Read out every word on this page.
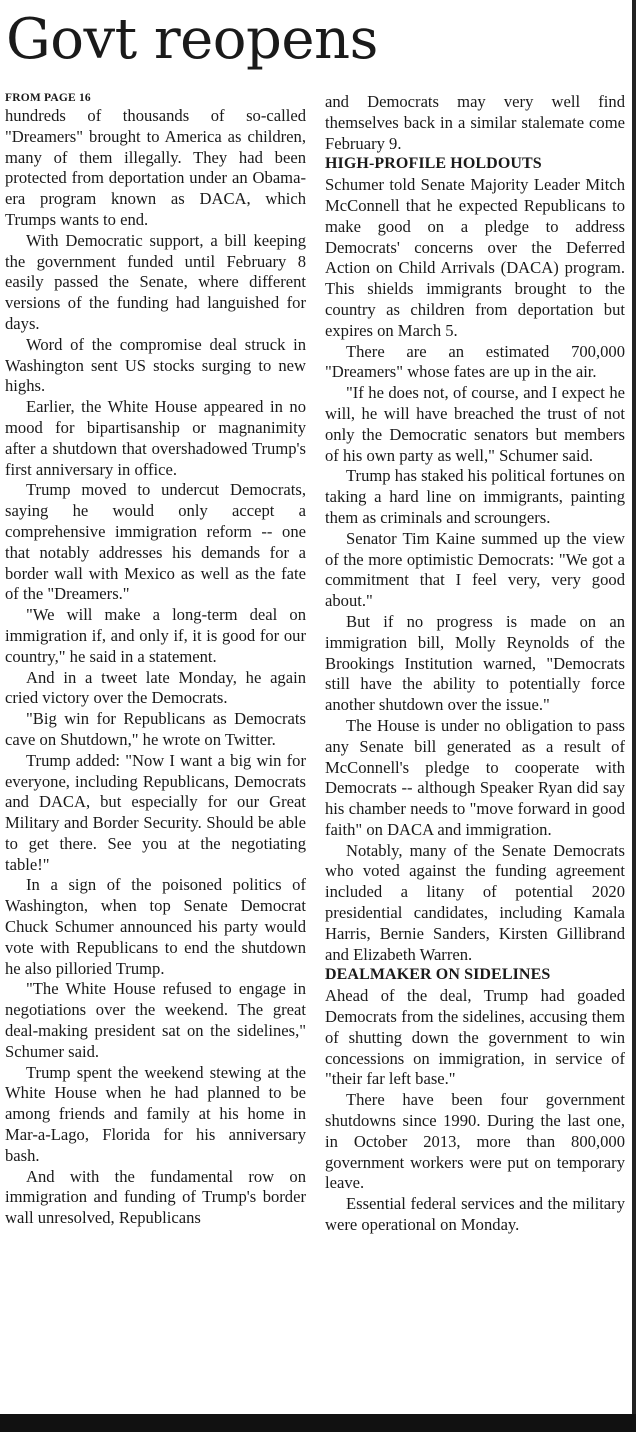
Govt reopens
FROM PAGE 16

hundreds of thousands of so-called "Dreamers" brought to America as children, many of them illegally. They had been protected from deportation under an Obama-era program known as DACA, which Trumps wants to end.

With Democratic support, a bill keeping the government funded until February 8 easily passed the Senate, where different versions of the funding had languished for days.

Word of the compromise deal struck in Washington sent US stocks surging to new highs.

Earlier, the White House appeared in no mood for bipartisanship or magnanimity after a shutdown that overshadowed Trump's first anniversary in office.

Trump moved to undercut Democrats, saying he would only accept a comprehensive immigration reform -- one that notably addresses his demands for a border wall with Mexico as well as the fate of the "Dreamers."

"We will make a long-term deal on immigration if, and only if, it is good for our country," he said in a statement.

And in a tweet late Monday, he again cried victory over the Democrats.

"Big win for Republicans as Democrats cave on Shutdown," he wrote on Twitter.

Trump added: "Now I want a big win for everyone, including Republicans, Democrats and DACA, but especially for our Great Military and Border Security. Should be able to get there. See you at the negotiating table!"

In a sign of the poisoned politics of Washington, when top Senate Democrat Chuck Schumer announced his party would vote with Republicans to end the shutdown he also pilloried Trump.

"The White House refused to engage in negotiations over the weekend. The great deal-making president sat on the sidelines," Schumer said.

Trump spent the weekend stewing at the White House when he had planned to be among friends and family at his home in Mar-a-Lago, Florida for his anniversary bash.

And with the fundamental row on immigration and funding of Trump's border wall unresolved, Republicans

and Democrats may very well find themselves back in a similar stalemate come February 9.

HIGH-PROFILE HOLDOUTS

Schumer told Senate Majority Leader Mitch McConnell that he expected Republicans to make good on a pledge to address Democrats' concerns over the Deferred Action on Child Arrivals (DACA) program. This shields immigrants brought to the country as children from deportation but expires on March 5.

There are an estimated 700,000 "Dreamers" whose fates are up in the air.

"If he does not, of course, and I expect he will, he will have breached the trust of not only the Democratic senators but members of his own party as well," Schumer said.

Trump has staked his political fortunes on taking a hard line on immigrants, painting them as criminals and scroungers.

Senator Tim Kaine summed up the view of the more optimistic Democrats: "We got a commitment that I feel very, very good about."

But if no progress is made on an immigration bill, Molly Reynolds of the Brookings Institution warned, "Democrats still have the ability to potentially force another shutdown over the issue."

The House is under no obligation to pass any Senate bill generated as a result of McConnell's pledge to cooperate with Democrats -- although Speaker Ryan did say his chamber needs to "move forward in good faith" on DACA and immigration.

Notably, many of the Senate Democrats who voted against the funding agreement included a litany of potential 2020 presidential candidates, including Kamala Harris, Bernie Sanders, Kirsten Gillibrand and Elizabeth Warren.

DEALMAKER ON SIDELINES

Ahead of the deal, Trump had goaded Democrats from the sidelines, accusing them of shutting down the government to win concessions on immigration, in service of "their far left base."

There have been four government shutdowns since 1990. During the last one, in October 2013, more than 800,000 government workers were put on temporary leave.

Essential federal services and the military were operational on Monday.
